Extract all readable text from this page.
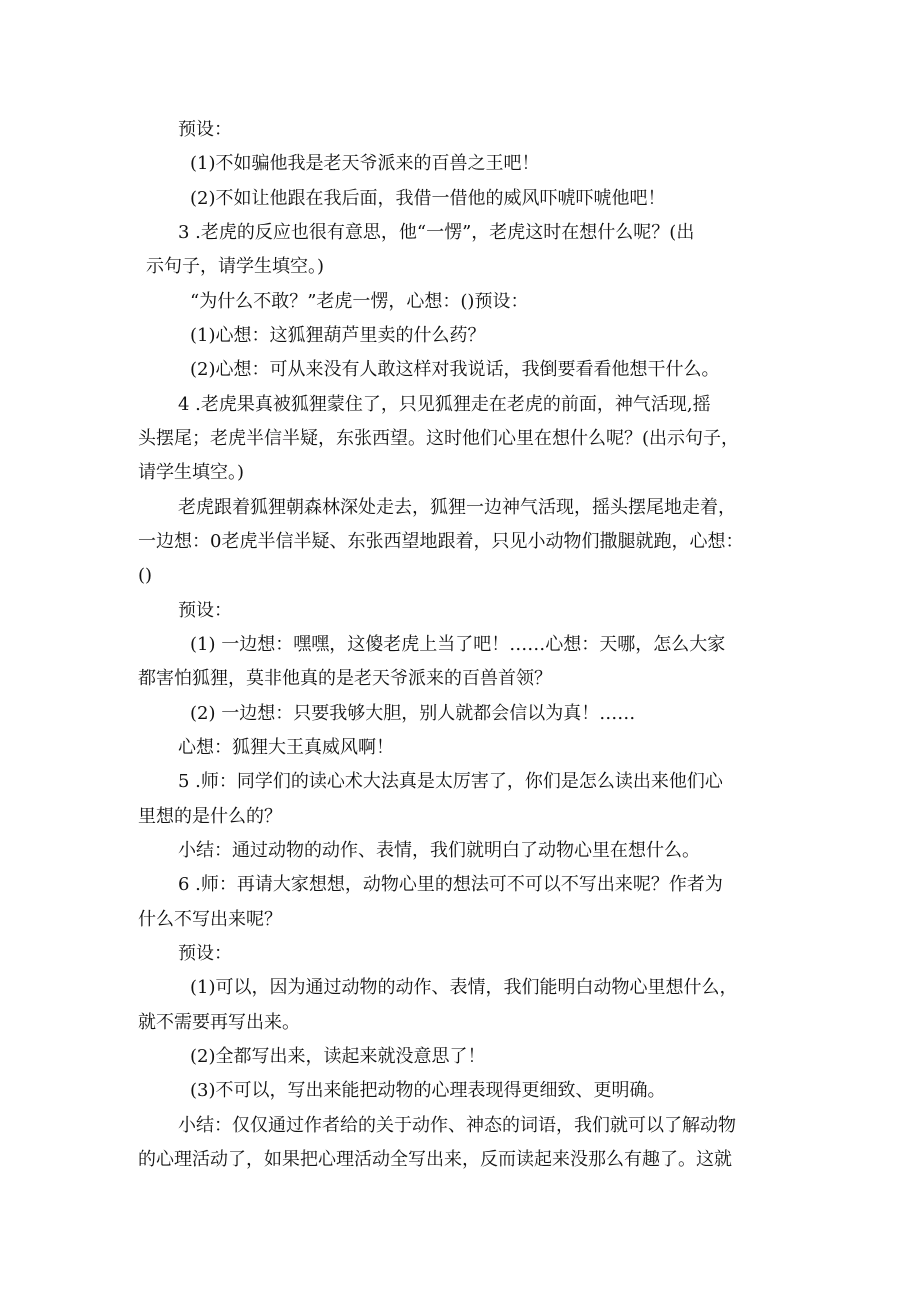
预设：
(1)不如骗他我是老天爷派来的百兽之王吧！
(2)不如让他跟在我后面，我借一借他的威风吓唬吓唬他吧！
3 .老虎的反应也很有意思，他“一愣”，老虎这时在想什么呢？(出
示句子，请学生填空。)
“为什么不敢？”老虎一愣，心想：()预设：
(1)心想：这狐狸葫芦里卖的什么药？
(2)心想：可从来没有人敢这样对我说话，我倒要看看他想干什么。
4 .老虎果真被狐狸蒙住了，只见狐狸走在老虎的前面，神气活现,摇
头摆尾；老虎半信半疑，东张西望。这时他们心里在想什么呢？(出示句子，
请学生填空。)
老虎跟着狐狸朝森林深处走去，狐狸一边神气活现，摇头摆尾地走着，
一边想：0老虎半信半疑、东张西望地跟着，只见小动物们撒腿就跑，心想：
()
预设：
(1) 一边想：嘿嘿，这傻老虎上当了吧！……心想：天哪，怎么大家
都害怕狐狸，莫非他真的是老天爷派来的百兽首领？
(2) 一边想：只要我够大胆，别人就都会信以为真！……
心想：狐狸大王真威风啊！
5 .师：同学们的读心术大法真是太厉害了，你们是怎么读出来他们心
里想的是什么的？
小结：通过动物的动作、表情，我们就明白了动物心里在想什么。
6 .师：再请大家想想，动物心里的想法可不可以不写出来呢？作者为
什么不写出来呢？
预设：
(1)可以，因为通过动物的动作、表情，我们能明白动物心里想什么，
就不需要再写出来。
(2)全都写出来，读起来就没意思了！
(3)不可以，写出来能把动物的心理表现得更细致、更明确。
小结：仅仅通过作者给的关于动作、神态的词语，我们就可以了解动物
的心理活动了，如果把心理活动全写出来，反而读起来没那么有趣了。这就
